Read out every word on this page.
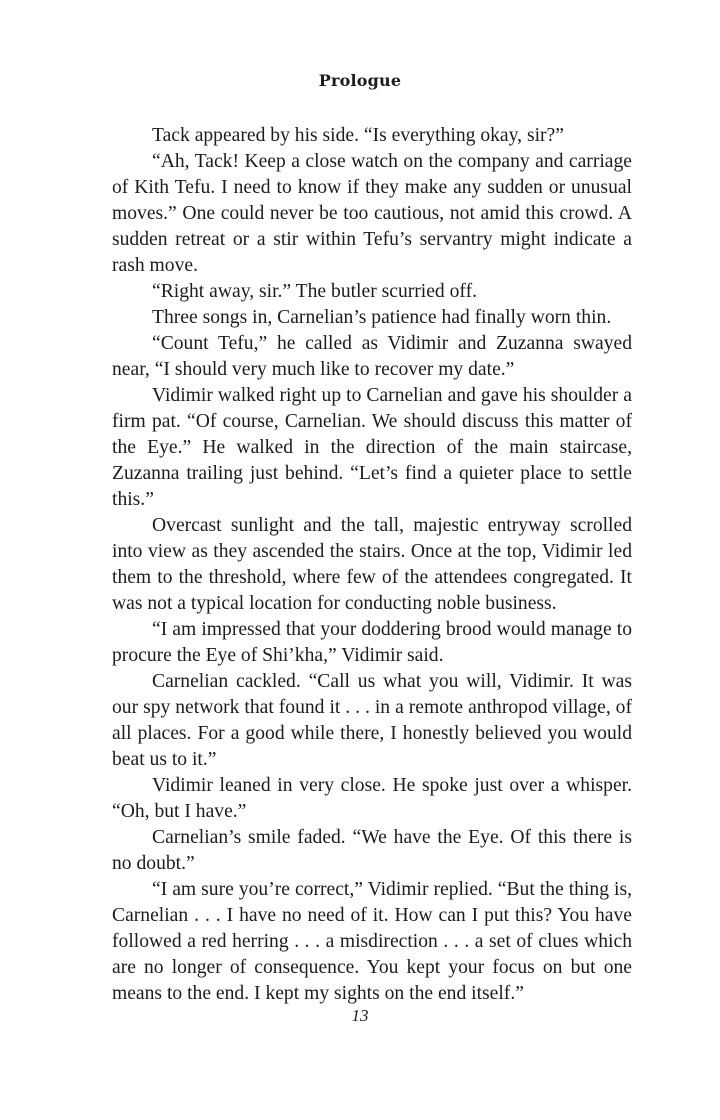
Prologue

Tack appeared by his side. “Is everything okay, sir?”

“Ah, Tack! Keep a close watch on the company and carriage of Kith Tefu. I need to know if they make any sudden or unusual moves.” One could never be too cautious, not amid this crowd. A sudden retreat or a stir within Tefu’s servantry might indicate a rash move.

“Right away, sir.” The butler scurried off.

Three songs in, Carnelian’s patience had finally worn thin.

“Count Tefu,” he called as Vidimir and Zuzanna swayed near, “I should very much like to recover my date.”

Vidimir walked right up to Carnelian and gave his shoulder a firm pat. “Of course, Carnelian. We should discuss this matter of the Eye.” He walked in the direction of the main staircase, Zuzanna trailing just behind. “Let’s find a quieter place to settle this.”

Overcast sunlight and the tall, majestic entryway scrolled into view as they ascended the stairs. Once at the top, Vidimir led them to the threshold, where few of the attendees congregated. It was not a typical location for conducting noble business.

“I am impressed that your doddering brood would manage to procure the Eye of Shi’kha,” Vidimir said.

Carnelian cackled. “Call us what you will, Vidimir. It was our spy network that found it . . . in a remote anthropod village, of all places. For a good while there, I honestly believed you would beat us to it.”

Vidimir leaned in very close. He spoke just over a whisper. “Oh, but I have.”

Carnelian’s smile faded. “We have the Eye. Of this there is no doubt.”

“I am sure you’re correct,” Vidimir replied. “But the thing is, Carnelian . . . I have no need of it. How can I put this? You have followed a red herring . . . a misdirection . . . a set of clues which are no longer of consequence. You kept your focus on but one means to the end. I kept my sights on the end itself.”

13
